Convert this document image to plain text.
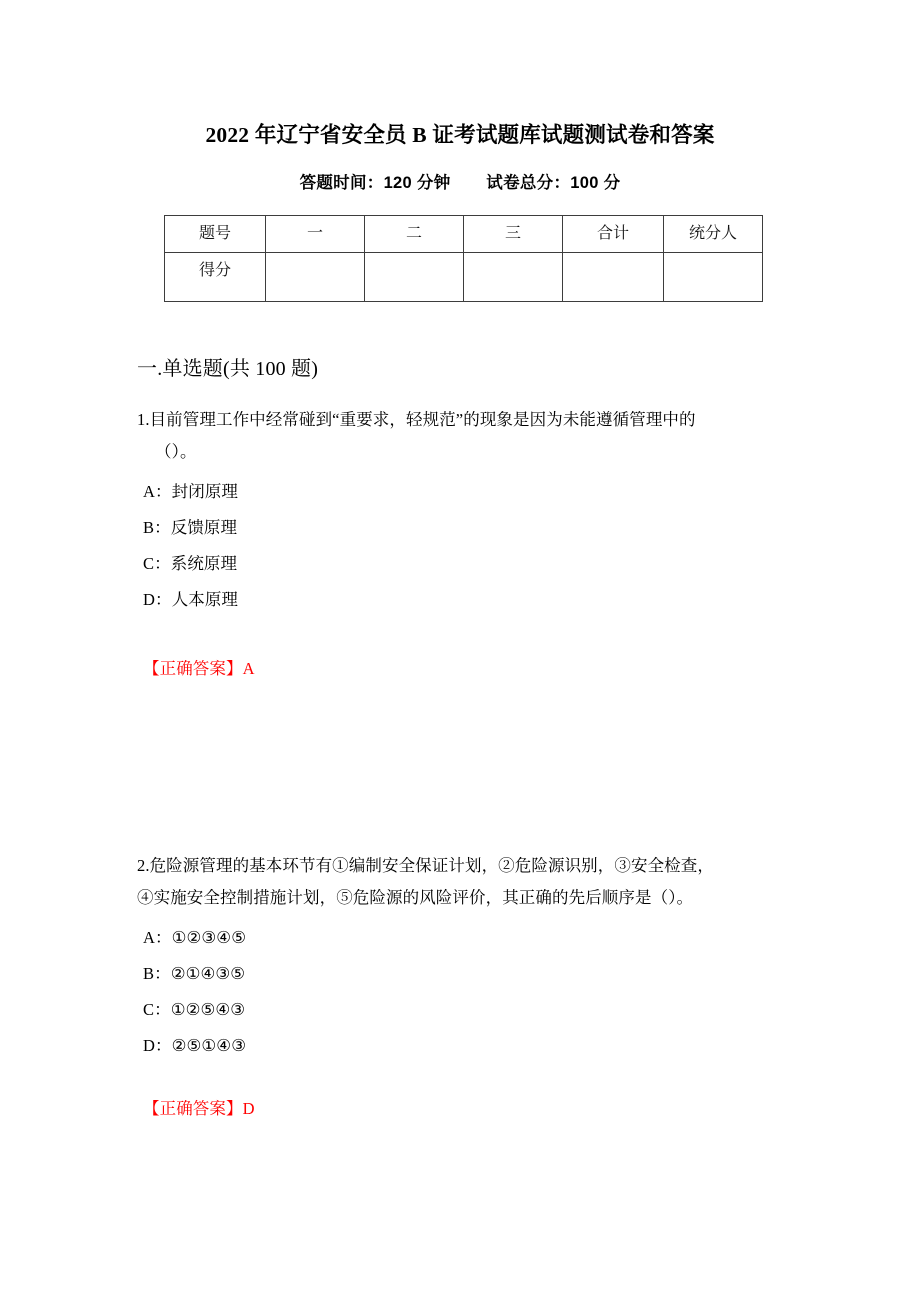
2022 年辽宁省安全员 B 证考试题库试题测试卷和答案
答题时间：120 分钟 试卷总分：100 分
题号	一	二	三	合计	统分人
得分					
一.单选题(共 100 题)

1.目前管理工作中经常碰到“重要求，轻规范”的现象是因为未能遵循管理中的
（）。

A：封闭原理
B：反馈原理
C：系统原理
D：人本原理
【正确答案】A

2.危险源管理的基本环节有①编制安全保证计划，②危险源识别，③安全检查，
④实施安全控制措施计划，⑤危险源的风险评价，其正确的先后顺序是（）。

A：①②③④⑤
B：②①④③⑤
C：①②⑤④③
D：②⑤①④③
【正确答案】D
